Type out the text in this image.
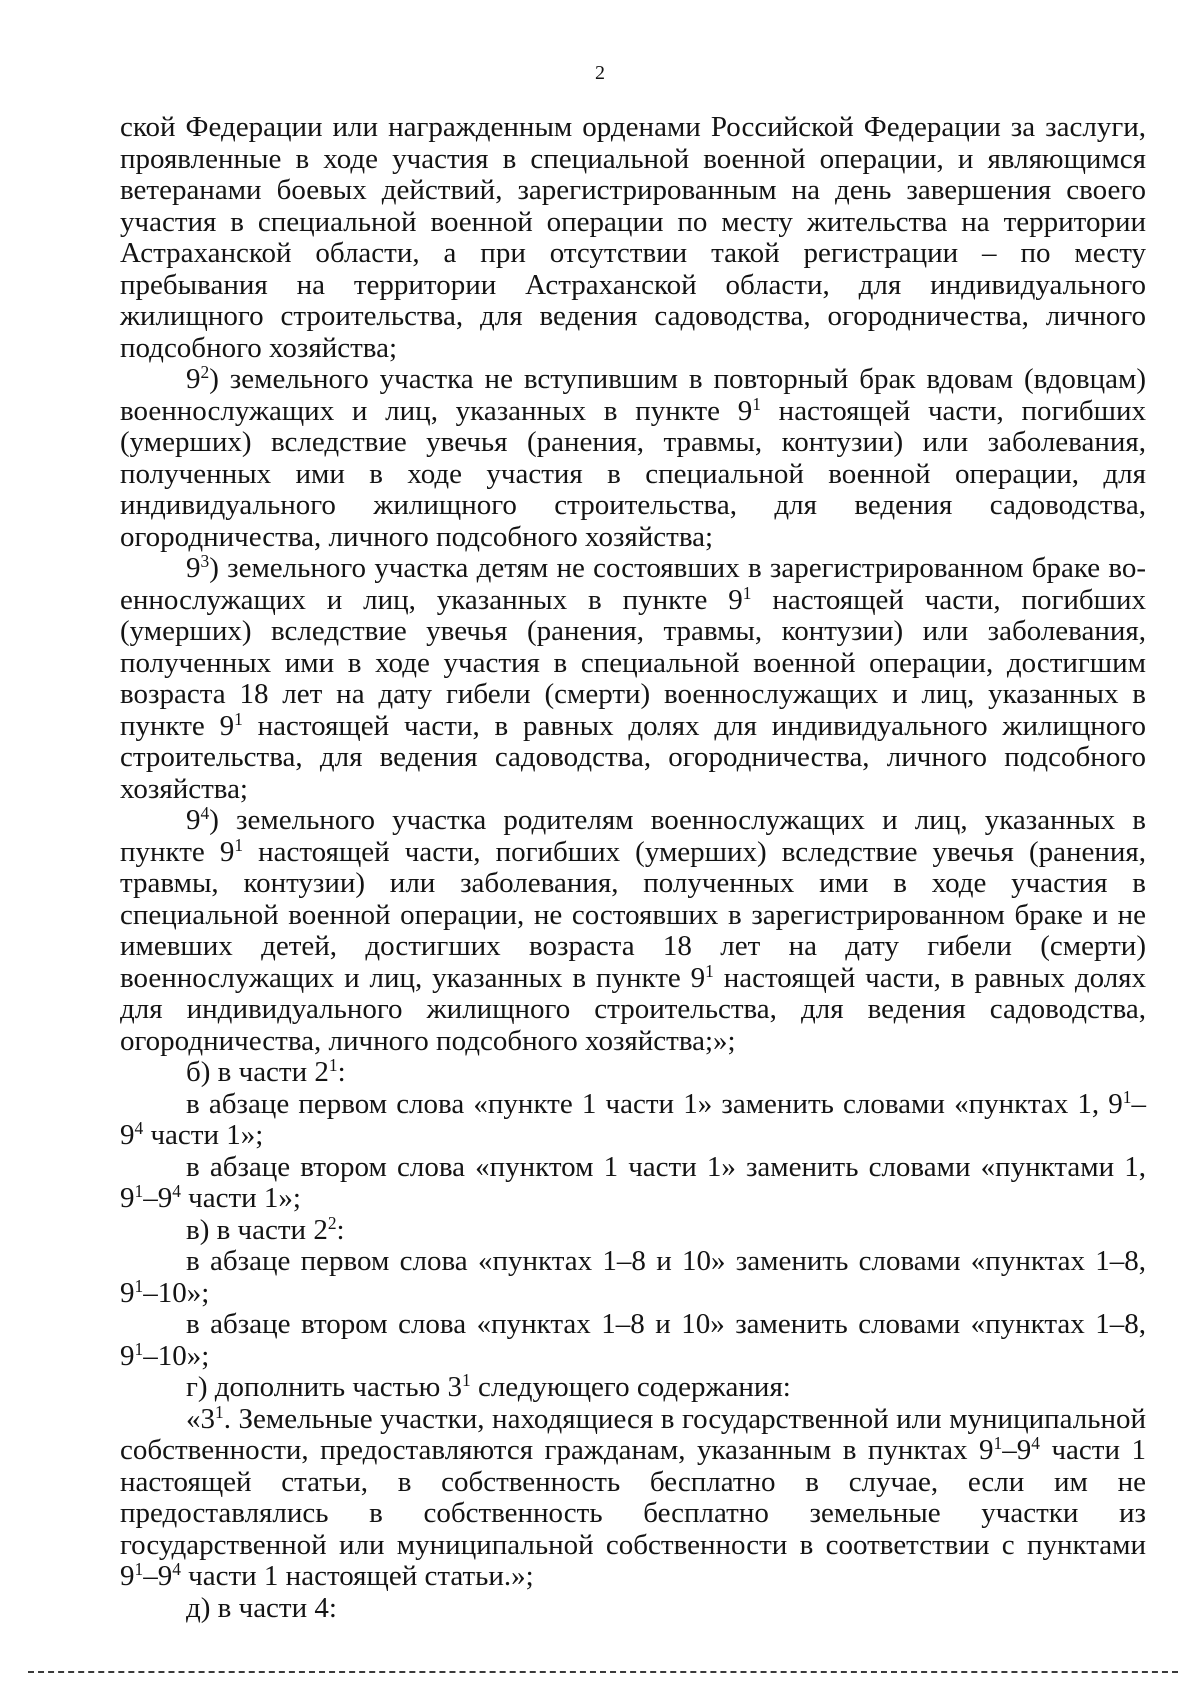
2

ской Федерации или награжденным орденами Российской Федерации за заслуги, проявленные в ходе участия в специальной военной операции, и являющимся ветеранами боевых действий, зарегистрированным на день завершения своего участия в специальной военной операции по месту жительства на территории Астраханской области, а при отсутствии такой регистрации – по месту пребывания на территории Астраханской области, для индивидуального жилищного строительства, для ведения садоводства, огородничества, личного подсобного хозяйства;

$9^2$) земельного участка не вступившим в повторный брак вдовам (вдовцам) военнослужащих и лиц, указанных в пункте $9^1$ настоящей части, погибших (умерших) вследствие увечья (ранения, травмы, контузии) или заболевания, полученных ими в ходе участия в специальной военной операции, для индивидуального жилищного строительства, для ведения садоводства, огородничества, личного подсобного хозяйства;

$9^3$) земельного участка детям не состоявших в зарегистрированном браке военнослужащих и лиц, указанных в пункте $9^1$ настоящей части, погибших (умерших) вследствие увечья (ранения, травмы, контузии) или заболевания, полученных ими в ходе участия в специальной военной операции, достигшим возраста 18 лет на дату гибели (смерти) военнослужащих и лиц, указанных в пункте $9^1$ настоящей части, в равных долях для индивидуального жилищного строительства, для ведения садоводства, огородничества, личного подсобного хозяйства;

$9^4$) земельного участка родителям военнослужащих и лиц, указанных в пункте $9^1$ настоящей части, погибших (умерших) вследствие увечья (ранения, травмы, контузии) или заболевания, полученных ими в ходе участия в специальной военной операции, не состоявших в зарегистрированном браке и не имевших детей, достигших возраста 18 лет на дату гибели (смерти) военнослужащих и лиц, указанных в пункте $9^1$ настоящей части, в равных долях для индивидуального жилищного строительства, для ведения садоводства, огородничества, личного подсобного хозяйства;»;

б) в части $2^1$:

в абзаце первом слова «пункте 1 части 1» заменить словами «пунктах 1, $9^1-9^4$ части 1»;

в абзаце втором слова «пунктом 1 части 1» заменить словами «пунктами 1, $9^1-9^4$ части 1»;

в) в части $2^2$:

в абзаце первом слова «пунктах 1–8 и 10» заменить словами «пунктах 1–8, $9^1-10$»;

в абзаце втором слова «пунктах 1–8 и 10» заменить словами «пунктах 1–8, $9^1-10$»;

г) дополнить частью $3^1$ следующего содержания:

«$3^1$. Земельные участки, находящиеся в государственной или муниципальной собственности, предоставляются гражданам, указанным в пунктах $9^1-9^4$ части 1 настоящей статьи, в собственность бесплатно в случае, если им не предоставлялись в собственность бесплатно земельные участки из государственной или муниципальной собственности в соответствии с пунктами $9^1-9^4$ части 1 настоящей статьи.»;

д) в части 4:
